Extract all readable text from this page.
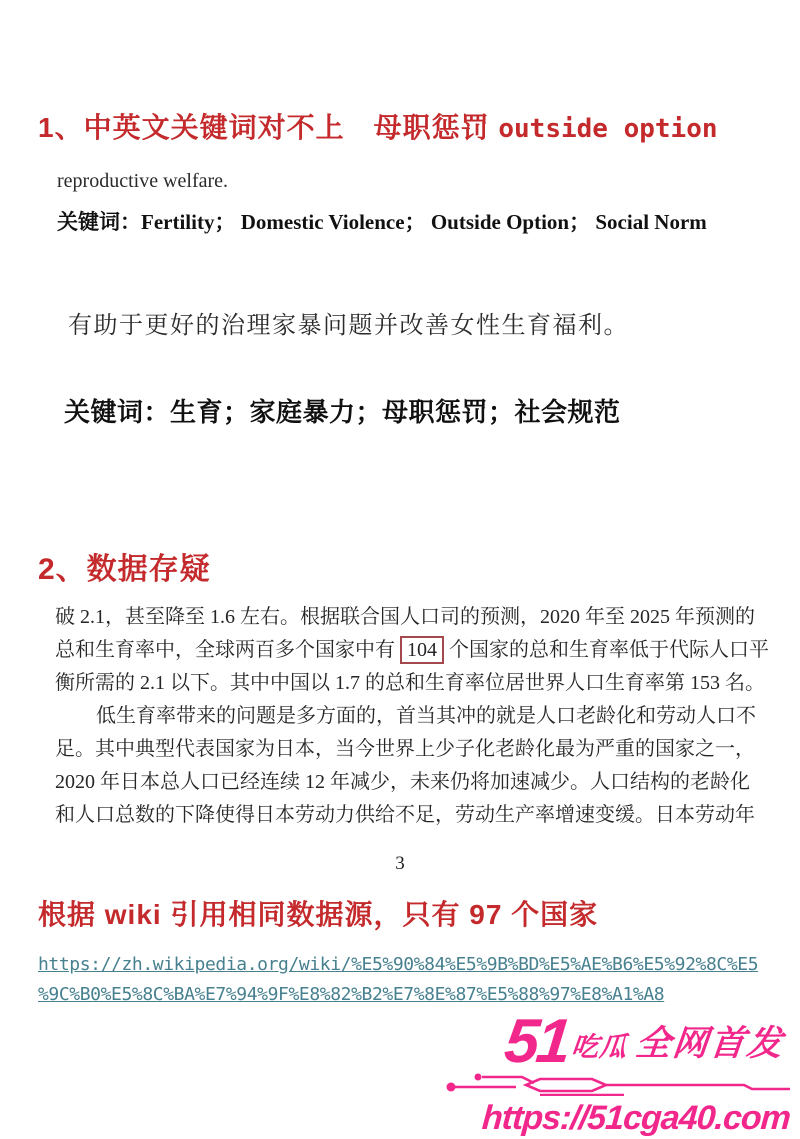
1、中英文关键词对不上　母职惩罚 outside option
reproductive welfare.
关键词：Fertility； Domestic Violence； Outside Option； Social Norm
有助于更好的治理家暴问题并改善女性生育福利。
关键词：生育；家庭暴力；母职惩罚；社会规范
2、数据存疑
破 2.1，甚至降至 1.6 左右。根据联合国人口司的预测，2020 年至 2025 年预测的
总和生育率中，全球两百多个国家中有 104 个国家的总和生育率低于代际人口平
衡所需的 2.1 以下。其中中国以 1.7 的总和生育率位居世界人口生育率第 153 名。
低生育率带来的问题是多方面的，首当其冲的就是人口老龄化和劳动人口不
足。其中典型代表国家为日本，当今世界上少子化老龄化最为严重的国家之一，
2020 年日本总人口已经连续 12 年减少，未来仍将加速减少。人口结构的老龄化
和人口总数的下降使得日本劳动力供给不足，劳动生产率增速变缓。日本劳动年
3
根据 wiki 引用相同数据源，只有 97 个国家
https://zh.wikipedia.org/wiki/%E5%90%84%E5%9B%BD%E5%AE%B6%E5%92%8C%E5
%9C%B0%E5%8C%BA%E7%94%9F%E8%82%B2%E7%8E%87%E5%88%97%E8%A1%A8
51
吃瓜 全网首发
https://51cga40.com
